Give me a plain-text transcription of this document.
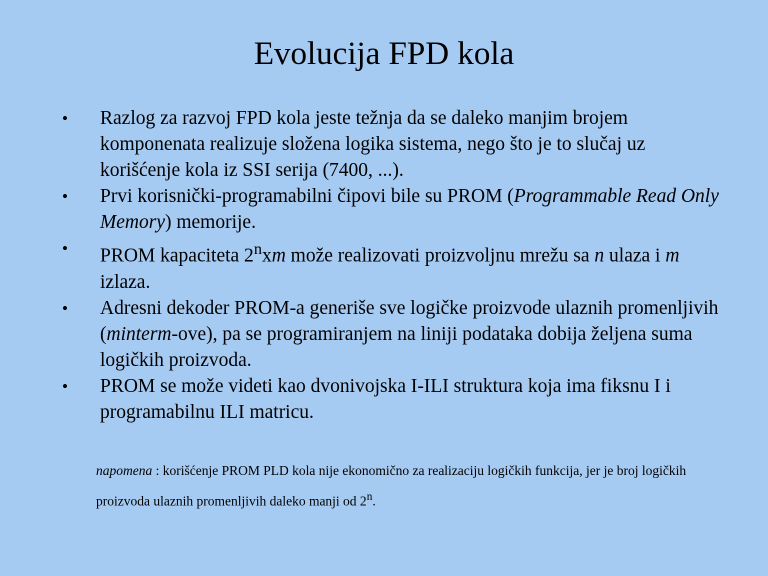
Evolucija FPD kola
• Razlog za razvoj FPD kola jeste težnja da se daleko manjim brojem komponenata realizuje složena logika sistema, nego što je to slučaj uz korišćenje kola iz SSI serija (7400, ...).
• Prvi korisnički-programabilni čipovi bile su PROM (Programmable Read Only Memory) memorije.
• PROM kapaciteta 2$^n$xm može realizovati proizvoljnu mrežu sa n ulaza i m izlaza.
• Adresni dekoder PROM-a generiše sve logičke proizvode ulaznih promenljivih (minterm-ove), pa se programiranjem na liniji podataka dobija željena suma logičkih proizvoda.
• PROM se može videti kao dvonivojska I-ILI struktura koja ima fiksnu I i programabilnu ILI matricu.
napomena : korišćenje PROM PLD kola nije ekonomično za realizaciju logičkih funkcija, jer je broj logičkih proizvoda ulaznih promenljivih daleko manji od 2$^n$.
